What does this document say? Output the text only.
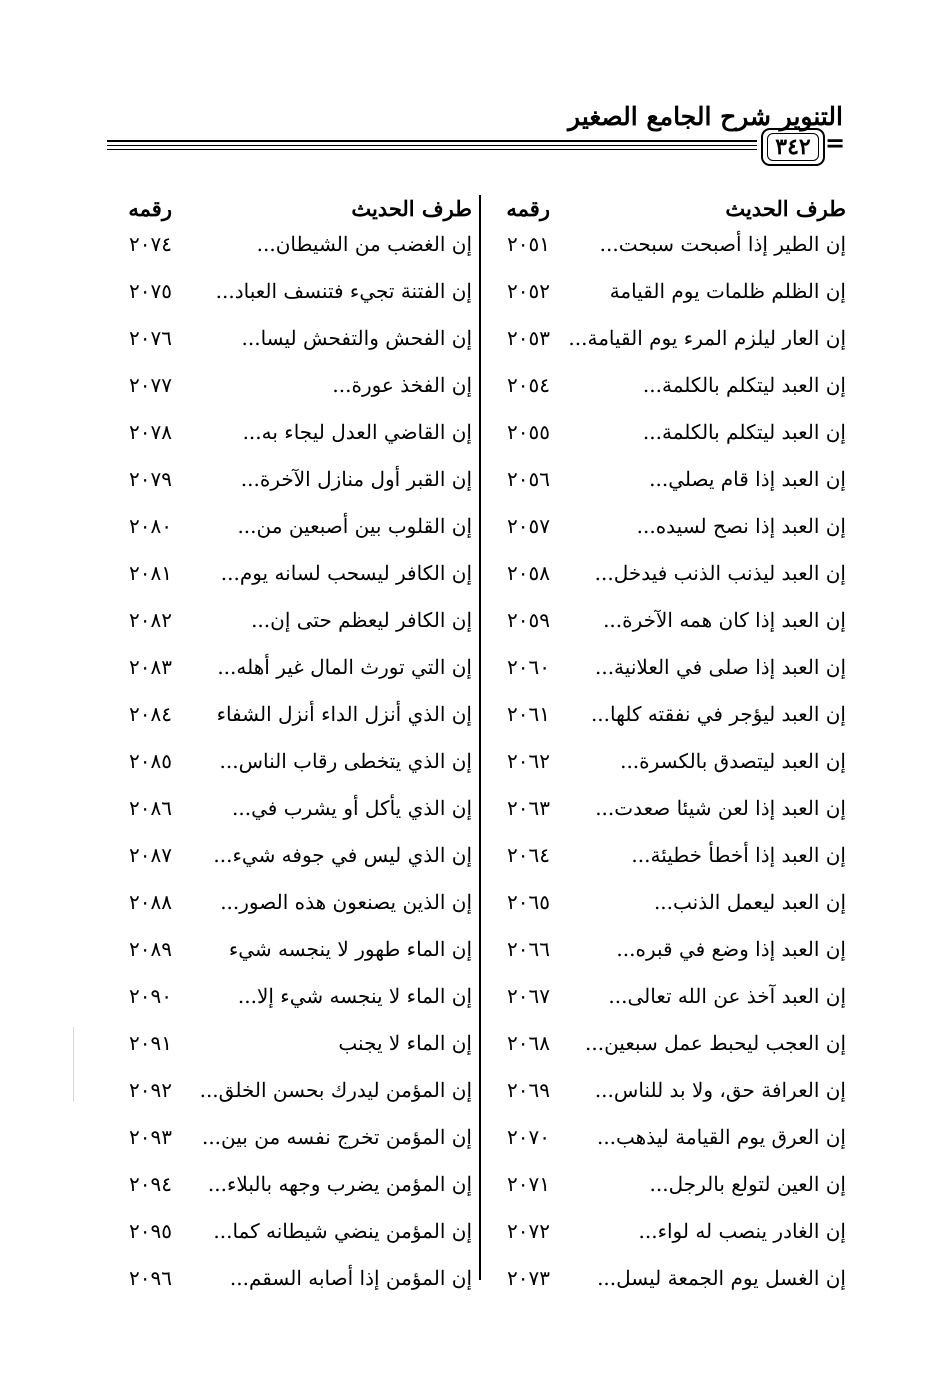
التنوير شرح الجامع الصغير
٣٤٢ =
طرف الحديث
رقمه
طرف الحديث
رقمه
إن الطير إذا أصبحت سبحت...
٢٠٥١
إن الغضب من الشيطان...
٢٠٧٤
إن الظلم ظلمات يوم القيامة
٢٠٥٢
إن الفتنة تجيء فتنسف العباد...
٢٠٧٥
إن العار ليلزم المرء يوم القيامة...
٢٠٥٣
إن الفحش والتفحش ليسا...
٢٠٧٦
إن العبد ليتكلم بالكلمة...
٢٠٥٤
إن الفخذ عورة...
٢٠٧٧
إن العبد ليتكلم بالكلمة...
٢٠٥٥
إن القاضي العدل ليجاء به...
٢٠٧٨
إن العبد إذا قام يصلي...
٢٠٥٦
إن القبر أول منازل الآخرة...
٢٠٧٩
إن العبد إذا نصح لسيده...
٢٠٥٧
إن القلوب بين أصبعين من...
٢٠٨٠
إن العبد ليذنب الذنب فيدخل...
٢٠٥٨
إن الكافر ليسحب لسانه يوم...
٢٠٨١
إن العبد إذا كان همه الآخرة...
٢٠٥٩
إن الكافر ليعظم حتى إن...
٢٠٨٢
إن العبد إذا صلى في العلانية...
٢٠٦٠
إن التي تورث المال غير أهله...
٢٠٨٣
إن العبد ليؤجر في نفقته كلها...
٢٠٦١
إن الذي أنزل الداء أنزل الشفاء
٢٠٨٤
إن العبد ليتصدق بالكسرة...
٢٠٦٢
إن الذي يتخطى رقاب الناس...
٢٠٨٥
إن العبد إذا لعن شيئا صعدت...
٢٠٦٣
إن الذي يأكل أو يشرب في...
٢٠٨٦
إن العبد إذا أخطأ خطيئة...
٢٠٦٤
إن الذي ليس في جوفه شيء...
٢٠٨٧
إن العبد ليعمل الذنب...
٢٠٦٥
إن الذين يصنعون هذه الصور...
٢٠٨٨
إن العبد إذا وضع في قبره...
٢٠٦٦
إن الماء طهور لا ينجسه شيء
٢٠٨٩
إن العبد آخذ عن الله تعالى...
٢٠٦٧
إن الماء لا ينجسه شيء إلا...
٢٠٩٠
إن العجب ليحبط عمل سبعين...
٢٠٦٨
إن الماء لا يجنب
٢٠٩١
إن العرافة حق، ولا بد للناس...
٢٠٦٩
إن المؤمن ليدرك بحسن الخلق...
٢٠٩٢
إن العرق يوم القيامة ليذهب...
٢٠٧٠
إن المؤمن تخرج نفسه من بين...
٢٠٩٣
إن العين لتولع بالرجل...
٢٠٧١
إن المؤمن يضرب وجهه بالبلاء...
٢٠٩٤
إن الغادر ينصب له لواء...
٢٠٧٢
إن المؤمن ينضي شيطانه كما...
٢٠٩٥
إن الغسل يوم الجمعة ليسل...
٢٠٧٣
إن المؤمن إذا أصابه السقم...
٢٠٩٦
